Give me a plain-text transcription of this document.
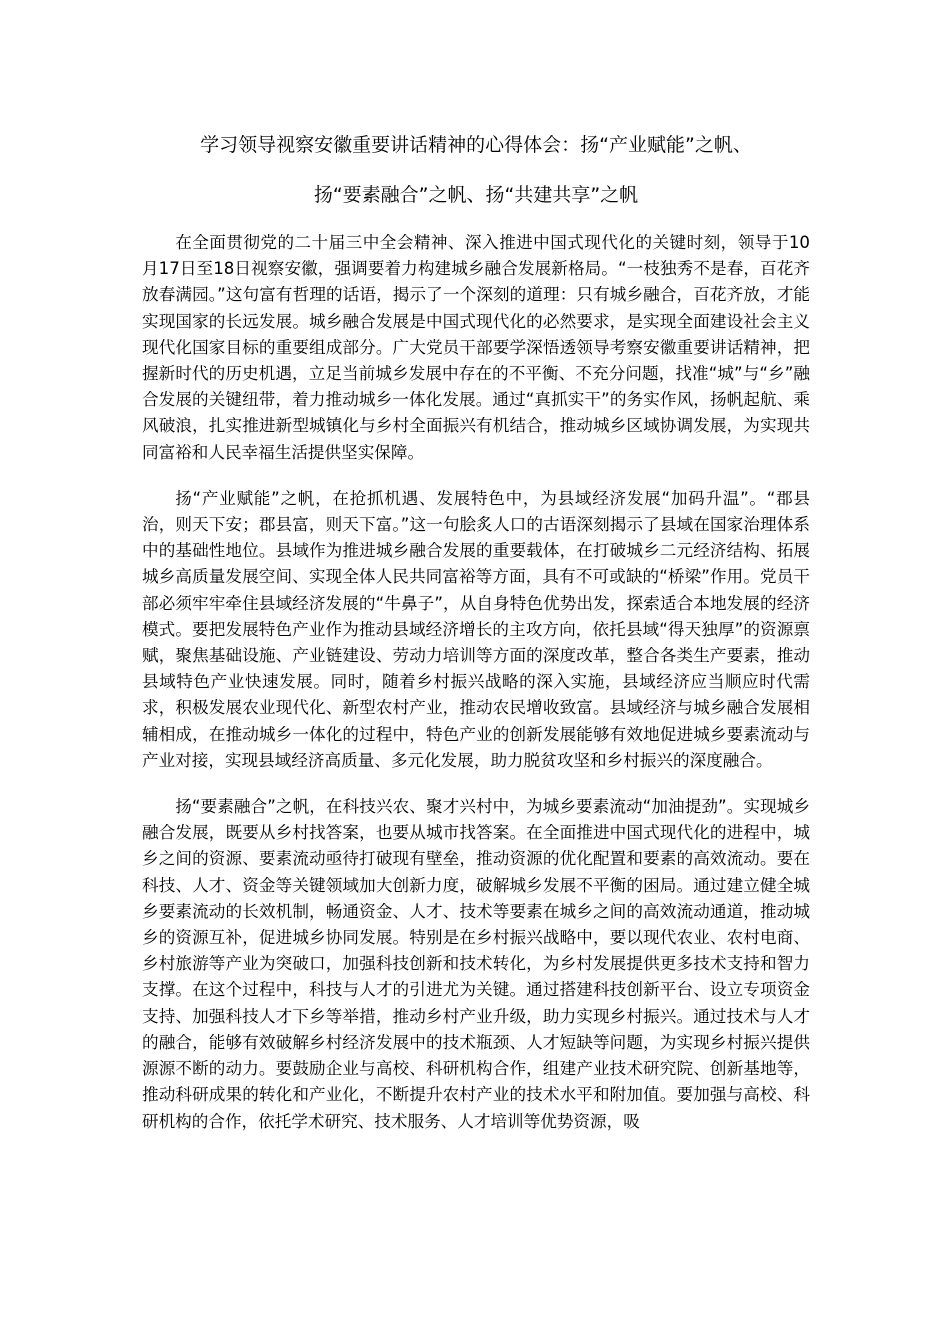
学习领导视察安徽重要讲话精神的心得体会：扬“产业赋能”之帆、
扬“要素融合”之帆、扬“共建共享”之帆

在全面贯彻党的二十届三中全会精神、深入推进中国式现代化的关键时刻，领导于10月17日至18日视察安徽，强调要着力构建城乡融合发展新格局。“一枝独秀不是春，百花齐放春满园。”这句富有哲理的话语，揭示了一个深刻的道理：只有城乡融合，百花齐放，才能实现国家的长远发展。城乡融合发展是中国式现代化的必然要求，是实现全面建设社会主义现代化国家目标的重要组成部分。广大党员干部要学深悟透领导考察安徽重要讲话精神，把握新时代的历史机遇，立足当前城乡发展中存在的不平衡、不充分问题，找准“城”与“乡”融合发展的关键纽带，着力推动城乡一体化发展。通过“真抓实干”的务实作风，扬帆起航、乘风破浪，扎实推进新型城镇化与乡村全面振兴有机结合，推动城乡区域协调发展，为实现共同富裕和人民幸福生活提供坚实保障。

扬“产业赋能”之帆，在抢抓机遇、发展特色中，为县域经济发展“加码升温”。“郡县治，则天下安；郡县富，则天下富。”这一句脍炙人口的古语深刻揭示了县域在国家治理体系中的基础性地位。县域作为推进城乡融合发展的重要载体，在打破城乡二元经济结构、拓展城乡高质量发展空间、实现全体人民共同富裕等方面，具有不可或缺的“桥梁”作用。党员干部必须牢牢牵住县域经济发展的“牛鼻子”，从自身特色优势出发，探索适合本地发展的经济模式。要把发展特色产业作为推动县域经济增长的主攻方向，依托县域“得天独厚”的资源禀赋，聚焦基础设施、产业链建设、劳动力培训等方面的深度改革，整合各类生产要素，推动县域特色产业快速发展。同时，随着乡村振兴战略的深入实施，县域经济应当顺应时代需求，积极发展农业现代化、新型农村产业，推动农民增收致富。县域经济与城乡融合发展相辅相成，在推动城乡一体化的过程中，特色产业的创新发展能够有效地促进城乡要素流动与产业对接，实现县域经济高质量、多元化发展，助力脱贫攻坚和乡村振兴的深度融合。

扬“要素融合”之帆，在科技兴农、聚才兴村中，为城乡要素流动“加油提劲”。实现城乡融合发展，既要从乡村找答案，也要从城市找答案。在全面推进中国式现代化的进程中，城乡之间的资源、要素流动亟待打破现有壁垒，推动资源的优化配置和要素的高效流动。要在科技、人才、资金等关键领域加大创新力度，破解城乡发展不平衡的困局。通过建立健全城乡要素流动的长效机制，畅通资金、人才、技术等要素在城乡之间的高效流动通道，推动城乡的资源互补，促进城乡协同发展。特别是在乡村振兴战略中，要以现代农业、农村电商、乡村旅游等产业为突破口，加强科技创新和技术转化，为乡村发展提供更多技术支持和智力支撑。在这个过程中，科技与人才的引进尤为关键。通过搭建科技创新平台、设立专项资金支持、加强科技人才下乡等举措，推动乡村产业升级，助力实现乡村振兴。通过技术与人才的融合，能够有效破解乡村经济发展中的技术瓶颈、人才短缺等问题，为实现乡村振兴提供源源不断的动力。要鼓励企业与高校、科研机构合作，组建产业技术研究院、创新基地等，推动科研成果的转化和产业化，不断提升农村产业的技术水平和附加值。要加强与高校、科研机构的合作，依托学术研究、技术服务、人才培训等优势资源，吸
